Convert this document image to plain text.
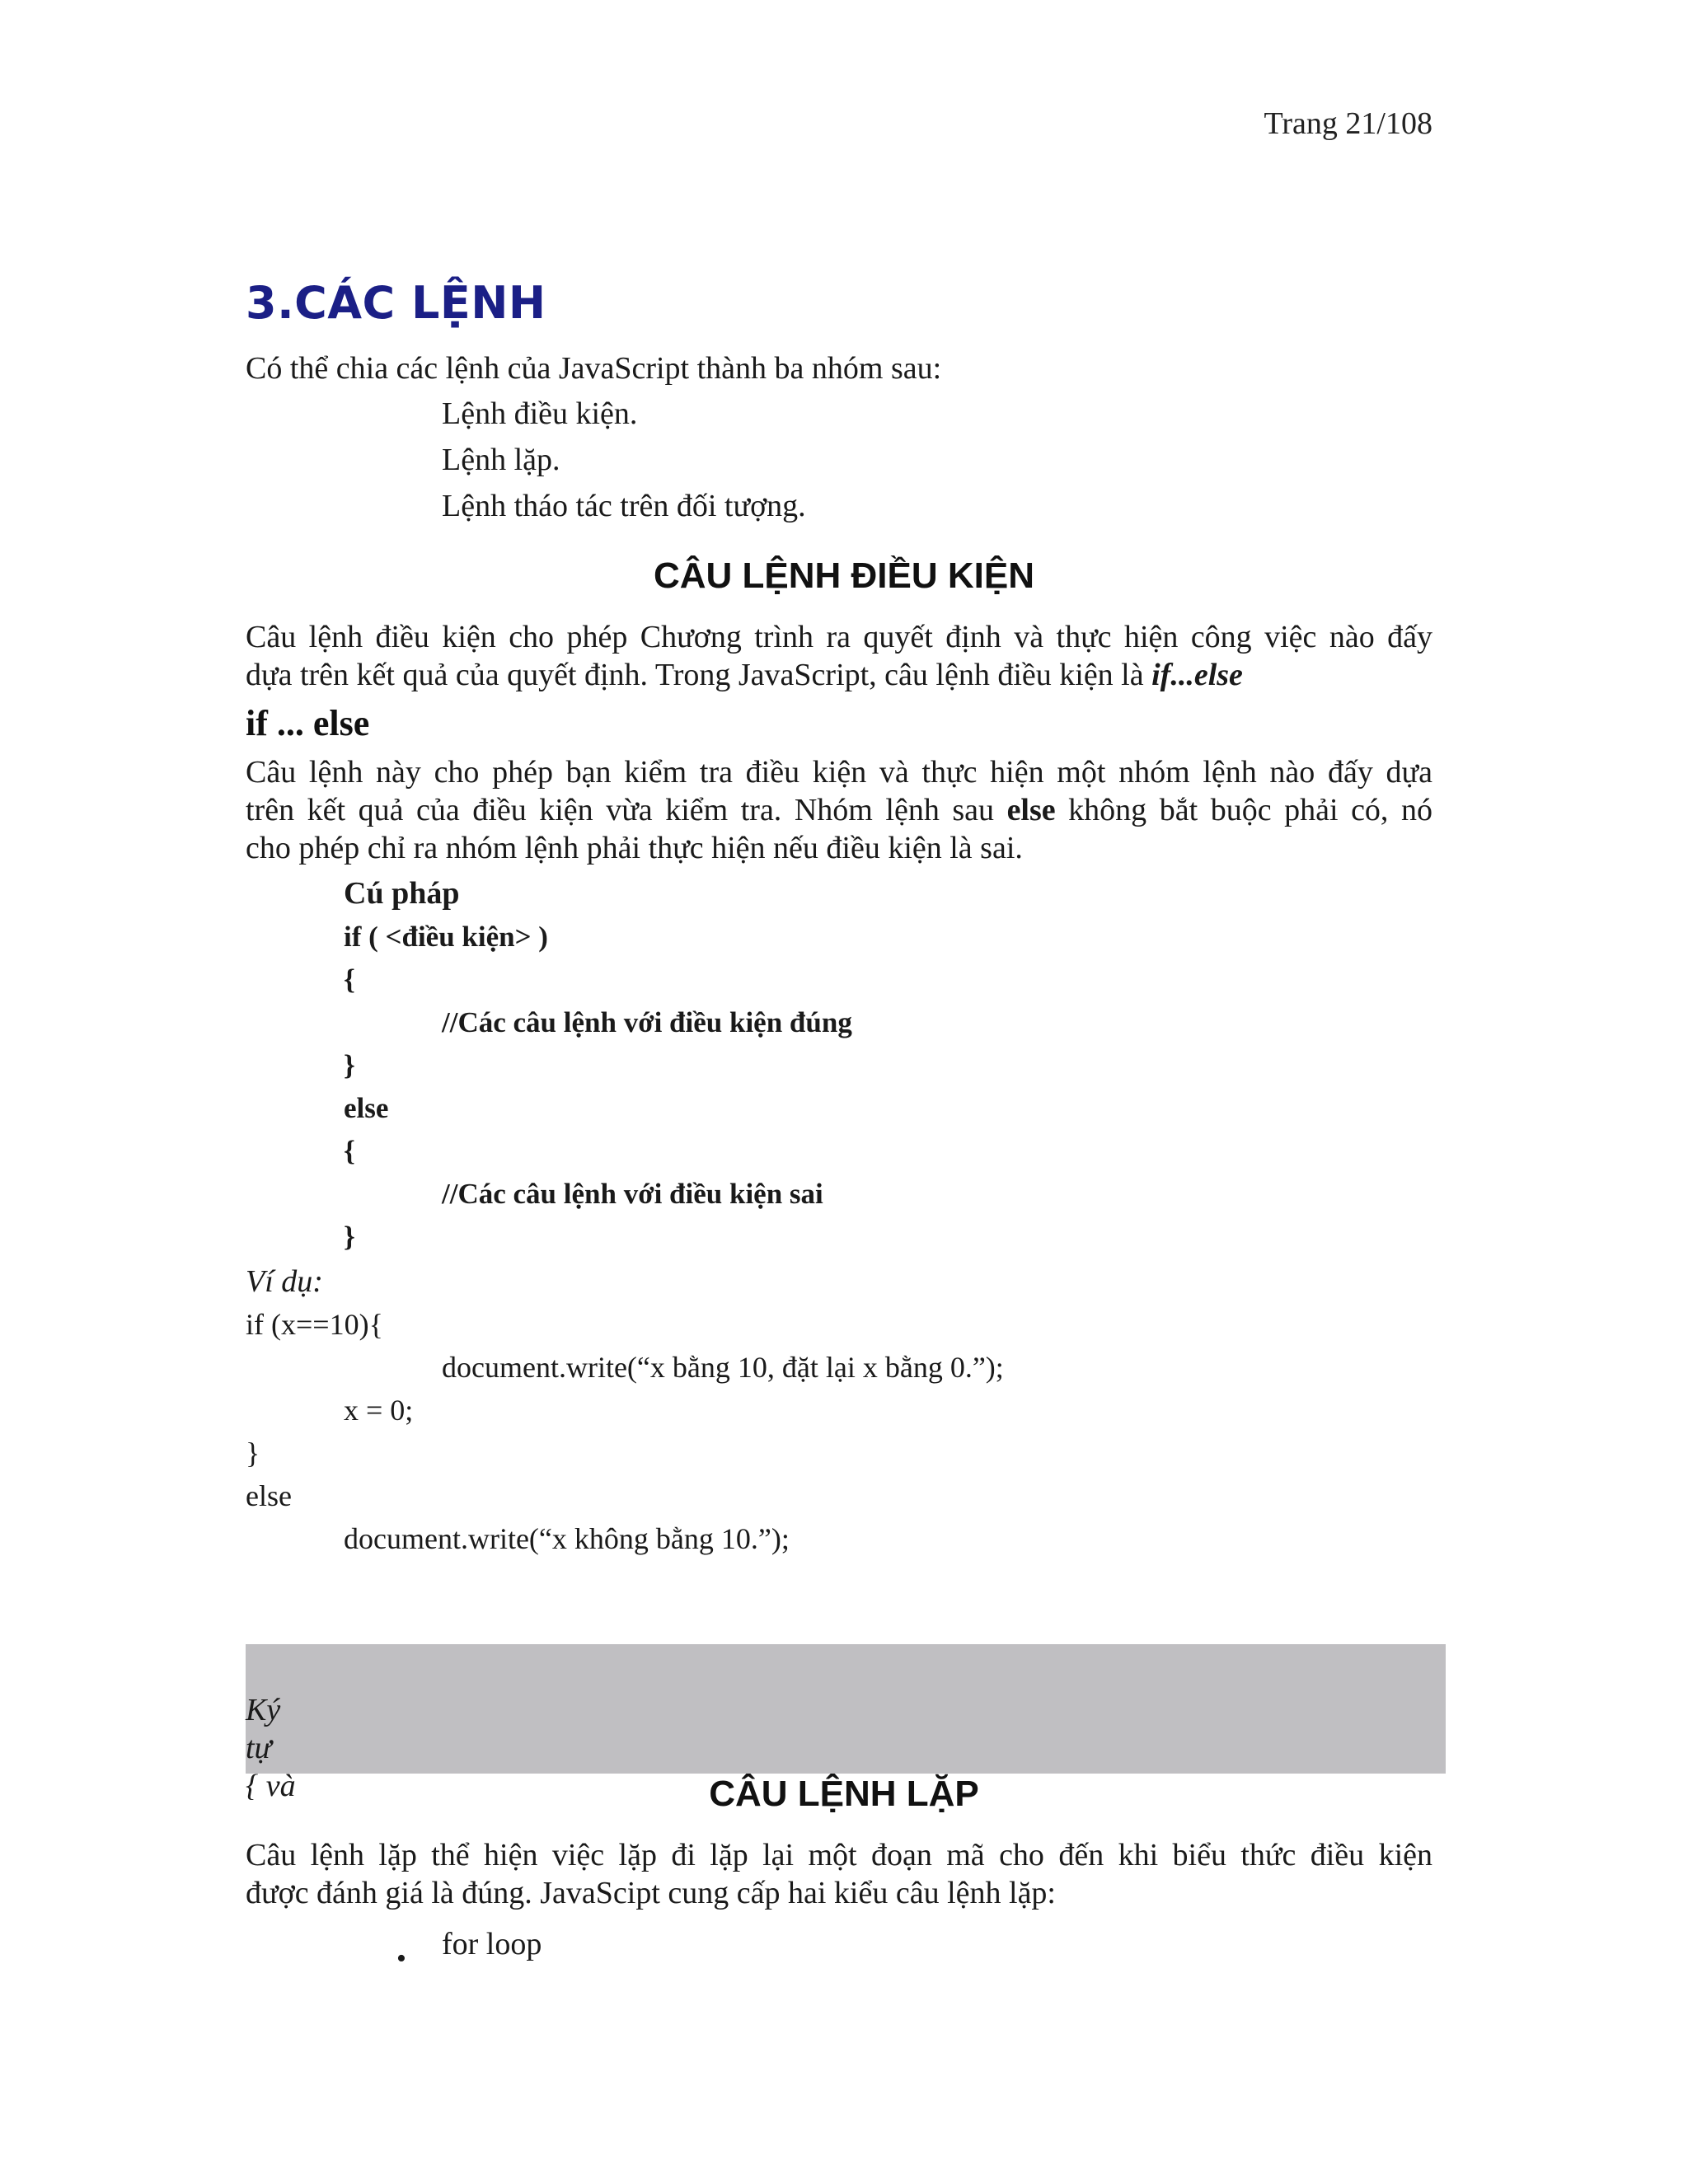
Trang 21/108
3.CÁC LỆNH
Có thể chia các lệnh của JavaScript thành ba nhóm sau:
Lệnh điều kiện.
Lệnh lặp.
Lệnh tháo tác trên đối tượng.
CÂU LỆNH ĐIỀU KIỆN
Câu lệnh điều kiện cho phép Chương trình ra quyết định và thực hiện công việc nào đấy
dựa trên kết quả của quyết định. Trong JavaScript, câu lệnh điều kiện là if...else
if ... else
Câu lệnh này cho phép bạn kiểm tra điều kiện và thực hiện một nhóm lệnh nào đấy dựa
trên kết quả của điều kiện vừa kiểm tra. Nhóm lệnh sau else không bắt buộc phải có, nó
cho phép chỉ ra nhóm lệnh phải thực hiện nếu điều kiện là sai.
Cú pháp
if ( <điều kiện> )
{
//Các câu lệnh với điều kiện đúng
}
else
{
//Các câu lệnh với điều kiện sai
}
Ví dụ:
if (x==10){
document.write(“x bằng 10, đặt lại x bằng 0.”);
x = 0;
}
else
document.write(“x không bằng 10.”);
Ký
tự
{ và	CÂU LỆNH LẶP
Câu lệnh lặp thể hiện việc lặp đi lặp lại một đoạn mã cho đến khi biểu thức điều kiện
được đánh giá là đúng. JavaScipt cung cấp hai kiểu câu lệnh lặp:
• for loop
